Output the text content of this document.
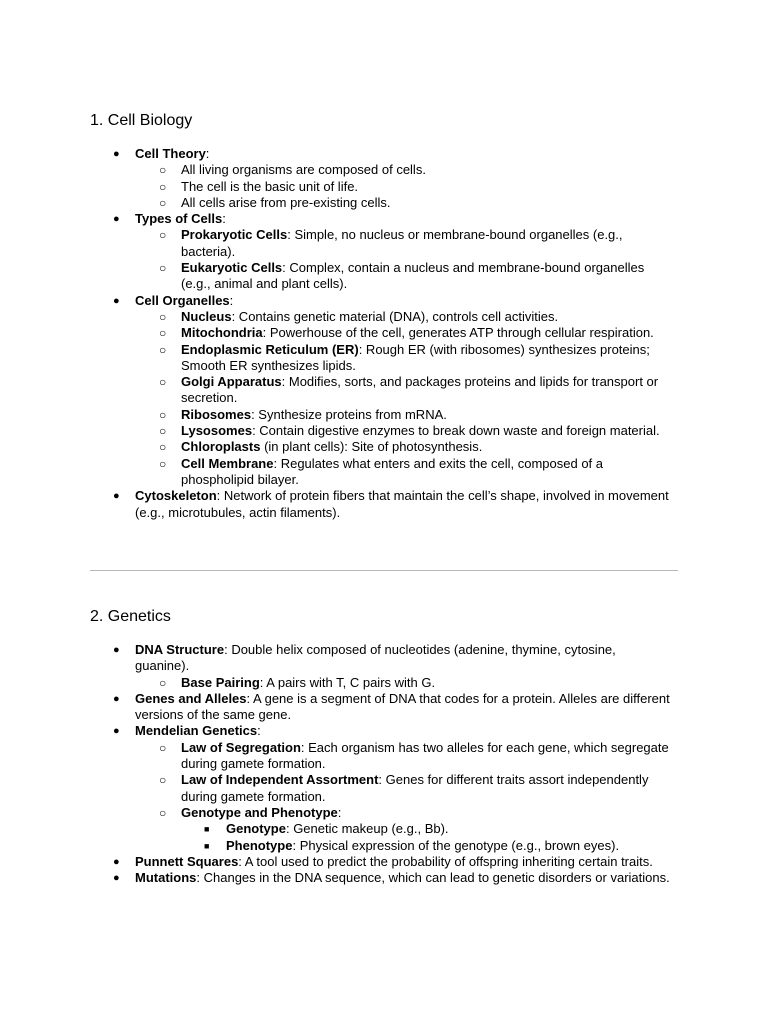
1. Cell Biology
● Cell Theory:
○ All living organisms are composed of cells.
○ The cell is the basic unit of life.
○ All cells arise from pre-existing cells.
● Types of Cells:
○ Prokaryotic Cells: Simple, no nucleus or membrane-bound organelles (e.g., bacteria).
○ Eukaryotic Cells: Complex, contain a nucleus and membrane-bound organelles (e.g., animal and plant cells).
● Cell Organelles:
○ Nucleus: Contains genetic material (DNA), controls cell activities.
○ Mitochondria: Powerhouse of the cell, generates ATP through cellular respiration.
○ Endoplasmic Reticulum (ER): Rough ER (with ribosomes) synthesizes proteins; Smooth ER synthesizes lipids.
○ Golgi Apparatus: Modifies, sorts, and packages proteins and lipids for transport or secretion.
○ Ribosomes: Synthesize proteins from mRNA.
○ Lysosomes: Contain digestive enzymes to break down waste and foreign material.
○ Chloroplasts (in plant cells): Site of photosynthesis.
○ Cell Membrane: Regulates what enters and exits the cell, composed of a phospholipid bilayer.
● Cytoskeleton: Network of protein fibers that maintain the cell’s shape, involved in movement (e.g., microtubules, actin filaments).
2. Genetics
● DNA Structure: Double helix composed of nucleotides (adenine, thymine, cytosine, guanine).
○ Base Pairing: A pairs with T, C pairs with G.
● Genes and Alleles: A gene is a segment of DNA that codes for a protein. Alleles are different versions of the same gene.
● Mendelian Genetics:
○ Law of Segregation: Each organism has two alleles for each gene, which segregate during gamete formation.
○ Law of Independent Assortment: Genes for different traits assort independently during gamete formation.
○ Genotype and Phenotype:
■ Genotype: Genetic makeup (e.g., Bb).
■ Phenotype: Physical expression of the genotype (e.g., brown eyes).
● Punnett Squares: A tool used to predict the probability of offspring inheriting certain traits.
● Mutations: Changes in the DNA sequence, which can lead to genetic disorders or variations.
